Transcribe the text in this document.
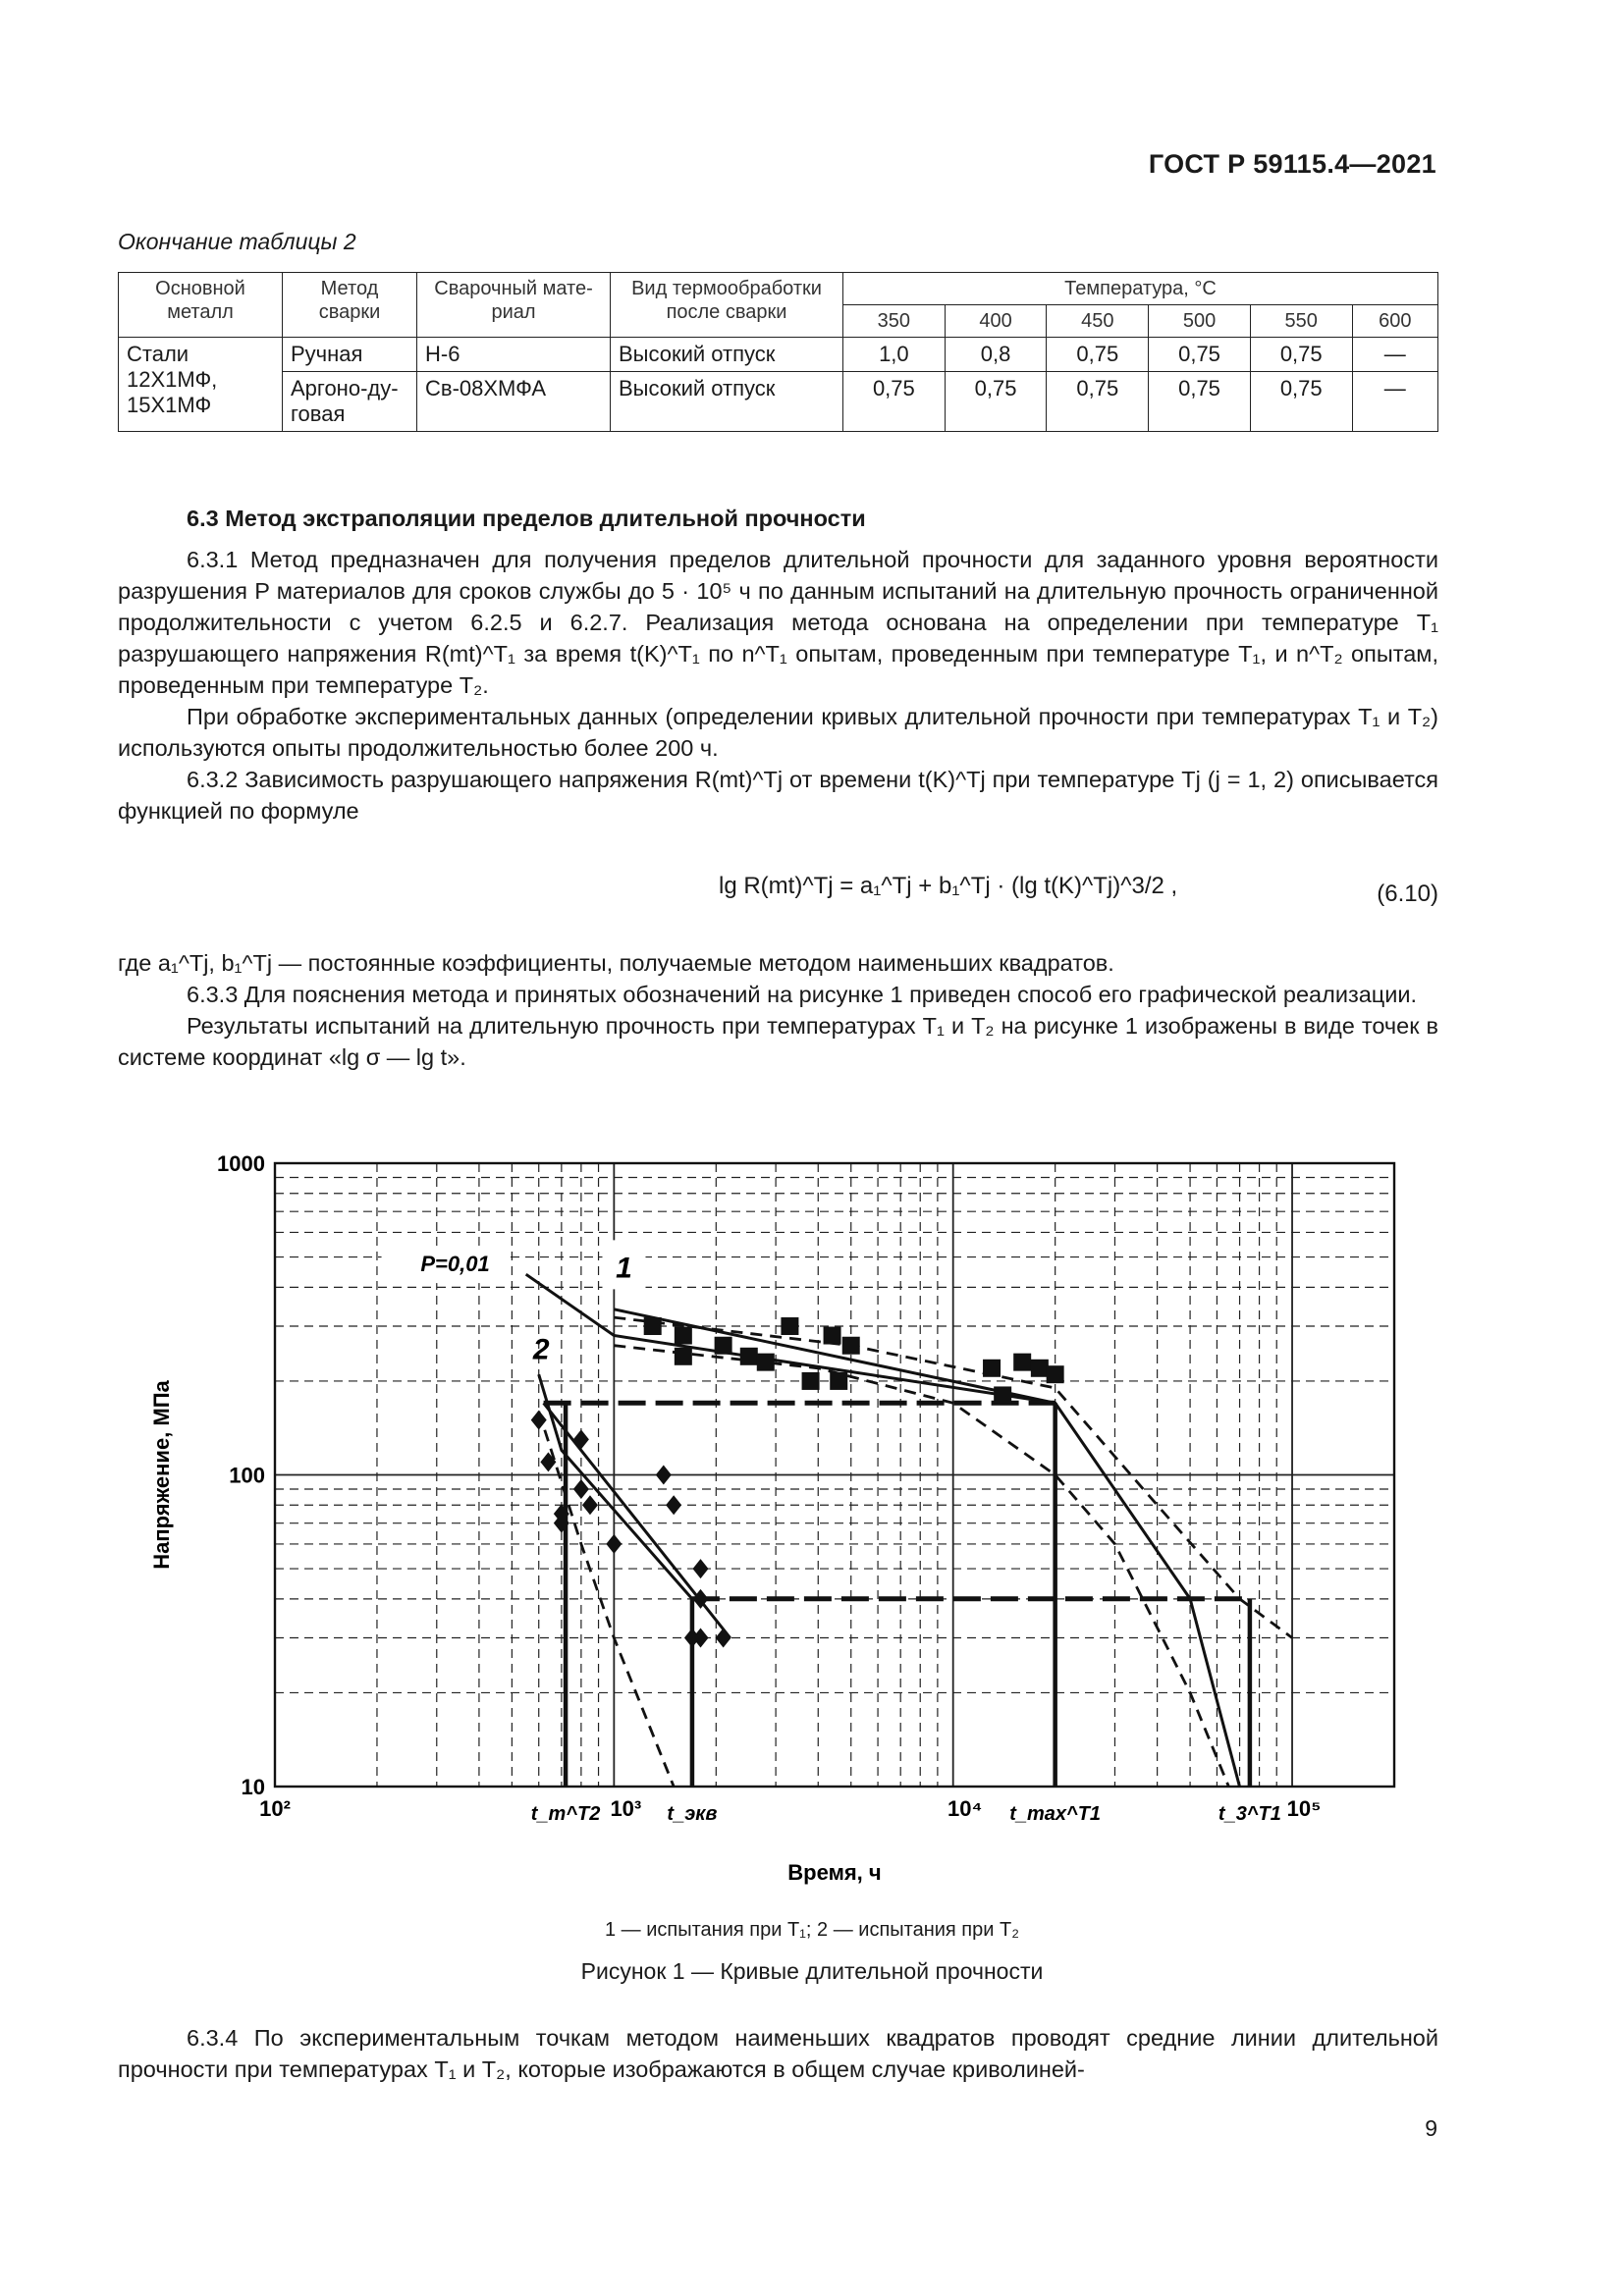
ГОСТ Р 59115.4—2021
Окончание таблицы 2
Основной металл	Метод сварки	Сварочный мате-риал	Вид термообработки после сварки	Температура, °С					
				350	400	450	500	550	600
Стали 12Х1МФ, 15Х1МФ	Ручная	Н-6	Высокий отпуск	1,0	0,8	0,75	0,75	0,75	—
	Аргоно-ду-говая	Св-08ХМФА	Высокий отпуск	0,75	0,75	0,75	0,75	0,75	—

6.3 Метод экстраполяции пределов длительной прочности

6.3.1 Метод предназначен для получения пределов длительной прочности для заданного уровня вероятности разрушения P материалов для сроков службы до 5 · 10⁵ ч по данным испытаний на длительную прочность ограниченной продолжительности с учетом 6.2.5 и 6.2.7. Реализация метода основана на определении при температуре T₁ разрушающего напряжения R(mt)^T₁ за время t(K)^T₁ по n^T₁ опытам, проведенным при температуре T₁, и n^T₂ опытам, проведенным при температуре T₂.

При обработке экспериментальных данных (определении кривых длительной прочности при температурах T₁ и T₂) используются опыты продолжительностью более 200 ч.

6.3.2 Зависимость разрушающего напряжения R(mt)^Tj от времени t(K)^Tj при температуре Tj (j = 1, 2) описывается функцией по формуле

lg R(mt)^Tj = a₁^Tj + b₁^Tj · (lg t(K)^Tj)^3/2 ,	(6.10)

где a₁^Tj, b₁^Tj — постоянные коэффициенты, получаемые методом наименьших квадратов.

6.3.3 Для пояснения метода и принятых обозначений на рисунке 1 приведен способ его графической реализации.

Результаты испытаний на длительную прочность при температурах T₁ и T₂ на рисунке 1 изображены в виде точек в системе координат «lg σ — lg t».

10
100
1000
10²	10³	10⁴	10⁵
Время, ч
Напряжение, МПа
t_m^T2	t_экв	t_max^T1	t_3^T1
P=0,01	1
2
1 — испытания при T₁; 2 — испытания при T₂
Рисунок 1 — Кривые длительной прочности

6.3.4 По экспериментальным точкам методом наименьших квадратов проводят средние линии длительной прочности при температурах T₁ и T₂, которые изображаются в общем случае криволиней-

9
